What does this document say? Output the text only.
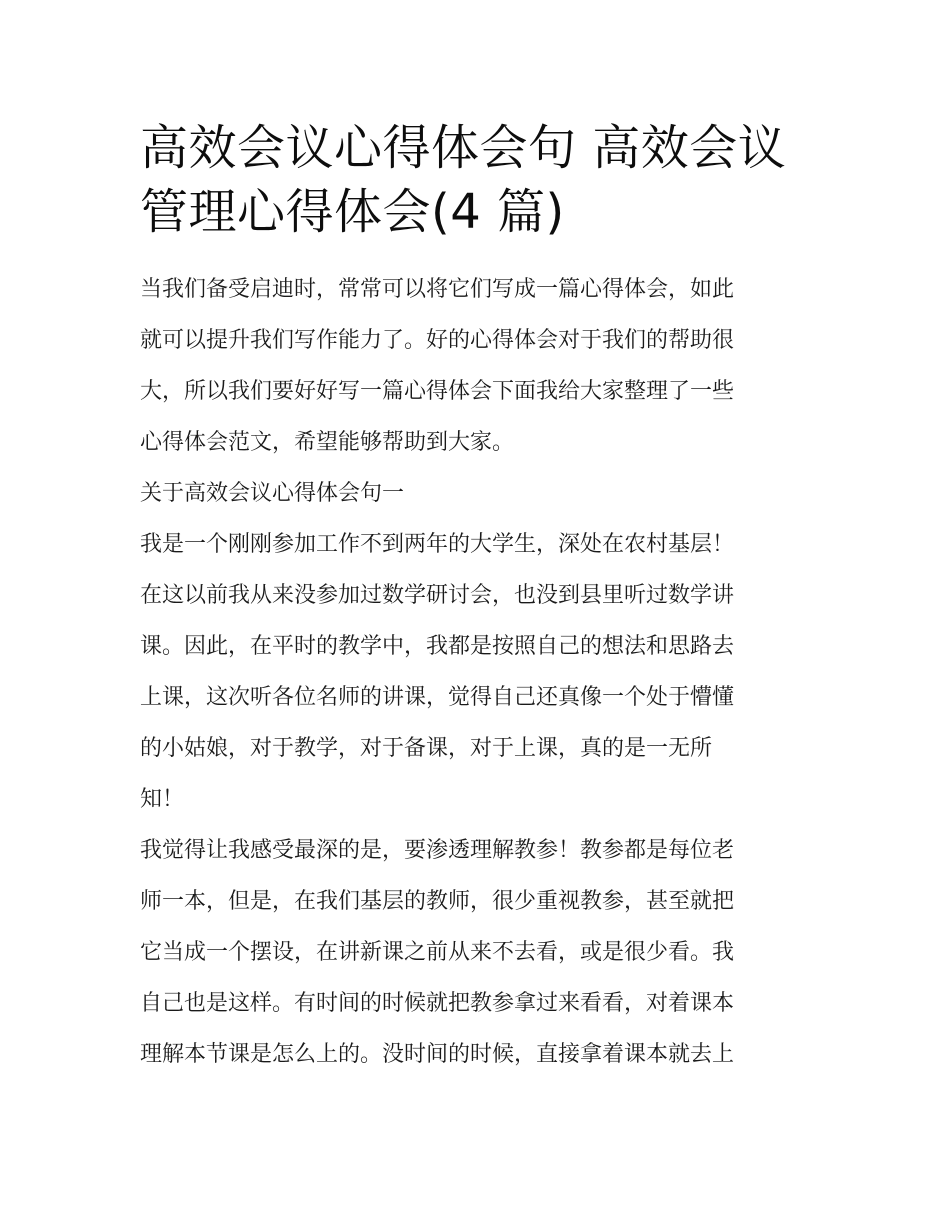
高效会议心得体会句 高效会议
管理心得体会(4 篇)
当我们备受启迪时，常常可以将它们写成一篇心得体会，如此
就可以提升我们写作能力了。好的心得体会对于我们的帮助很
大，所以我们要好好写一篇心得体会下面我给大家整理了一些
心得体会范文，希望能够帮助到大家。
关于高效会议心得体会句一
我是一个刚刚参加工作不到两年的大学生，深处在农村基层！
在这以前我从来没参加过数学研讨会，也没到县里听过数学讲
课。因此，在平时的教学中，我都是按照自己的想法和思路去
上课，这次听各位名师的讲课，觉得自己还真像一个处于懵懂
的小姑娘，对于教学，对于备课，对于上课，真的是一无所
知！
我觉得让我感受最深的是，要渗透理解教参！教参都是每位老
师一本，但是，在我们基层的教师，很少重视教参，甚至就把
它当成一个摆设，在讲新课之前从来不去看，或是很少看。我
自己也是这样。有时间的时候就把教参拿过来看看，对着课本
理解本节课是怎么上的。没时间的时候，直接拿着课本就去上
